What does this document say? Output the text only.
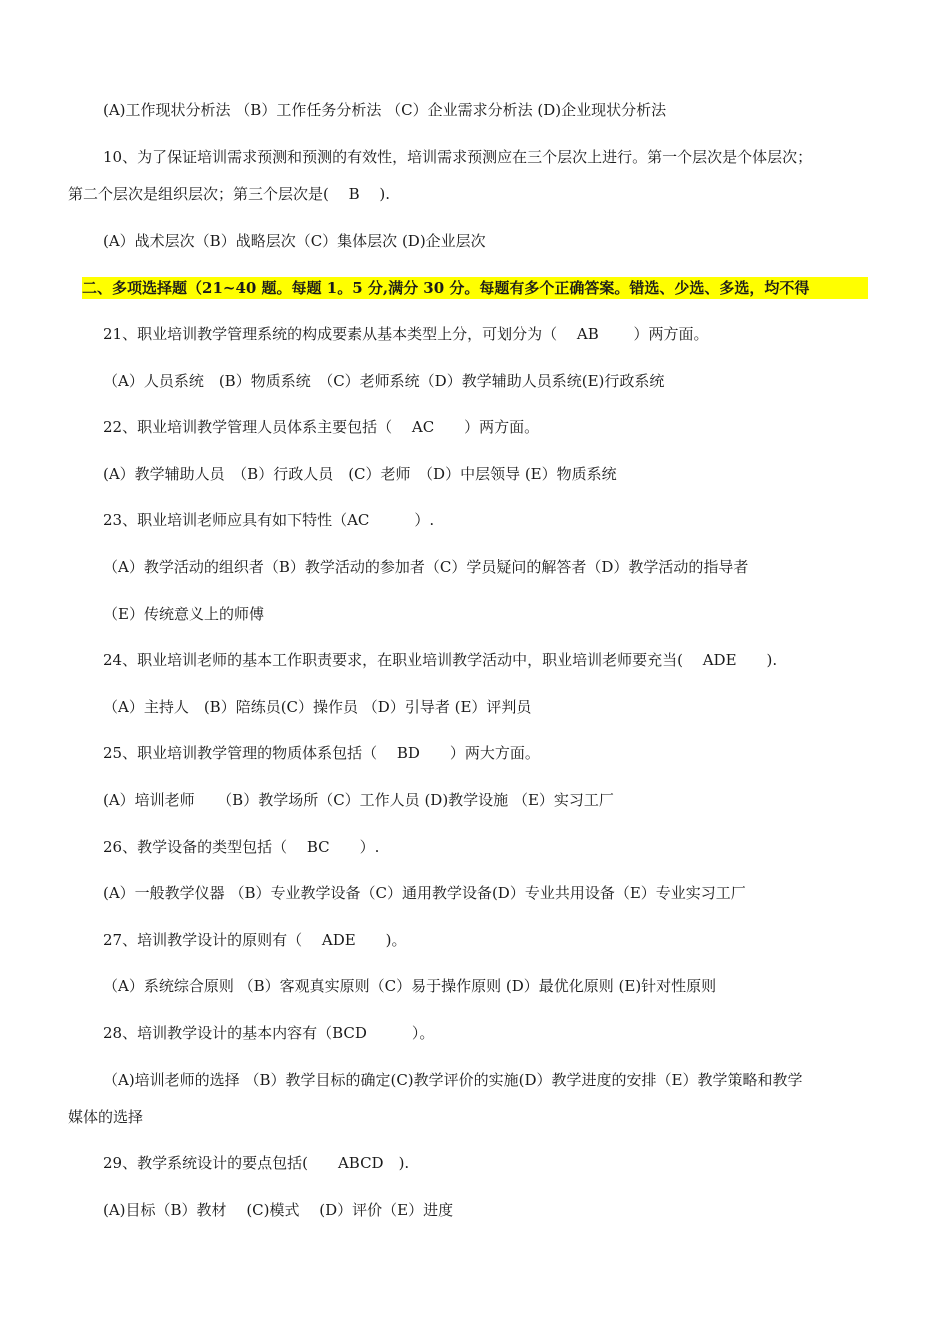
(A)工作现状分析法 （B）工作任务分析法 （C）企业需求分析法 (D)企业现状分析法
10、为了保证培训需求预测和预测的有效性，培训需求预测应在三个层次上进行。第一个层次是个体层次；
第二个层次是组织层次；第三个层次是(　 B　 ).
(A）战术层次（B）战略层次（C）集体层次 (D)企业层次
二、多项选择题（21~40 题。每题 1。5 分,满分 30 分。每题有多个正确答案。错选、少选、多选，均不得
21、职业培训教学管理系统的构成要素从基本类型上分，可划分为（　 AB　　 ）两方面。
（A）人员系统　(B）物质系统　（C）老师系统（D）教学辅助人员系统(E)行政系统
22、职业培训教学管理人员体系主要包括（　 AC　　）两方面。
(A）教学辅助人员　（B）行政人员　(C）老师　（D）中层领导 (E）物质系统
23、职业培训老师应具有如下特性（AC　　　）.
（A）教学活动的组织者（B）教学活动的参加者（C）学员疑问的解答者（D）教学活动的指导者
（E）传统意义上的师傅
24、职业培训老师的基本工作职责要求，在职业培训教学活动中，职业培训老师要充当(　 ADE　　).
（A）主持人　(B）陪练员(C）操作员 （D）引导者 (E）评判员
25、职业培训教学管理的物质体系包括（　 BD　　）两大方面。
(A）培训老师　　（B）教学场所（C）工作人员 (D)教学设施 （E）实习工厂
26、教学设备的类型包括（　 BC　　）.
(A）一般教学仪器 （B）专业教学设备（C）通用教学设备(D）专业共用设备（E）专业实习工厂
27、培训教学设计的原则有（　 ADE　　)。
（A）系统综合原则 （B）客观真实原则（C）易于操作原则 (D）最优化原则 (E)针对性原则
28、培训教学设计的基本内容有（BCD　　　）。
（A)培训老师的选择 （B）教学目标的确定(C)教学评价的实施(D）教学进度的安排（E）教学策略和教学
媒体的选择
29、教学系统设计的要点包括(　　ABCD　).
(A)目标（B）教材　 (C)模式　 (D）评价（E）进度
